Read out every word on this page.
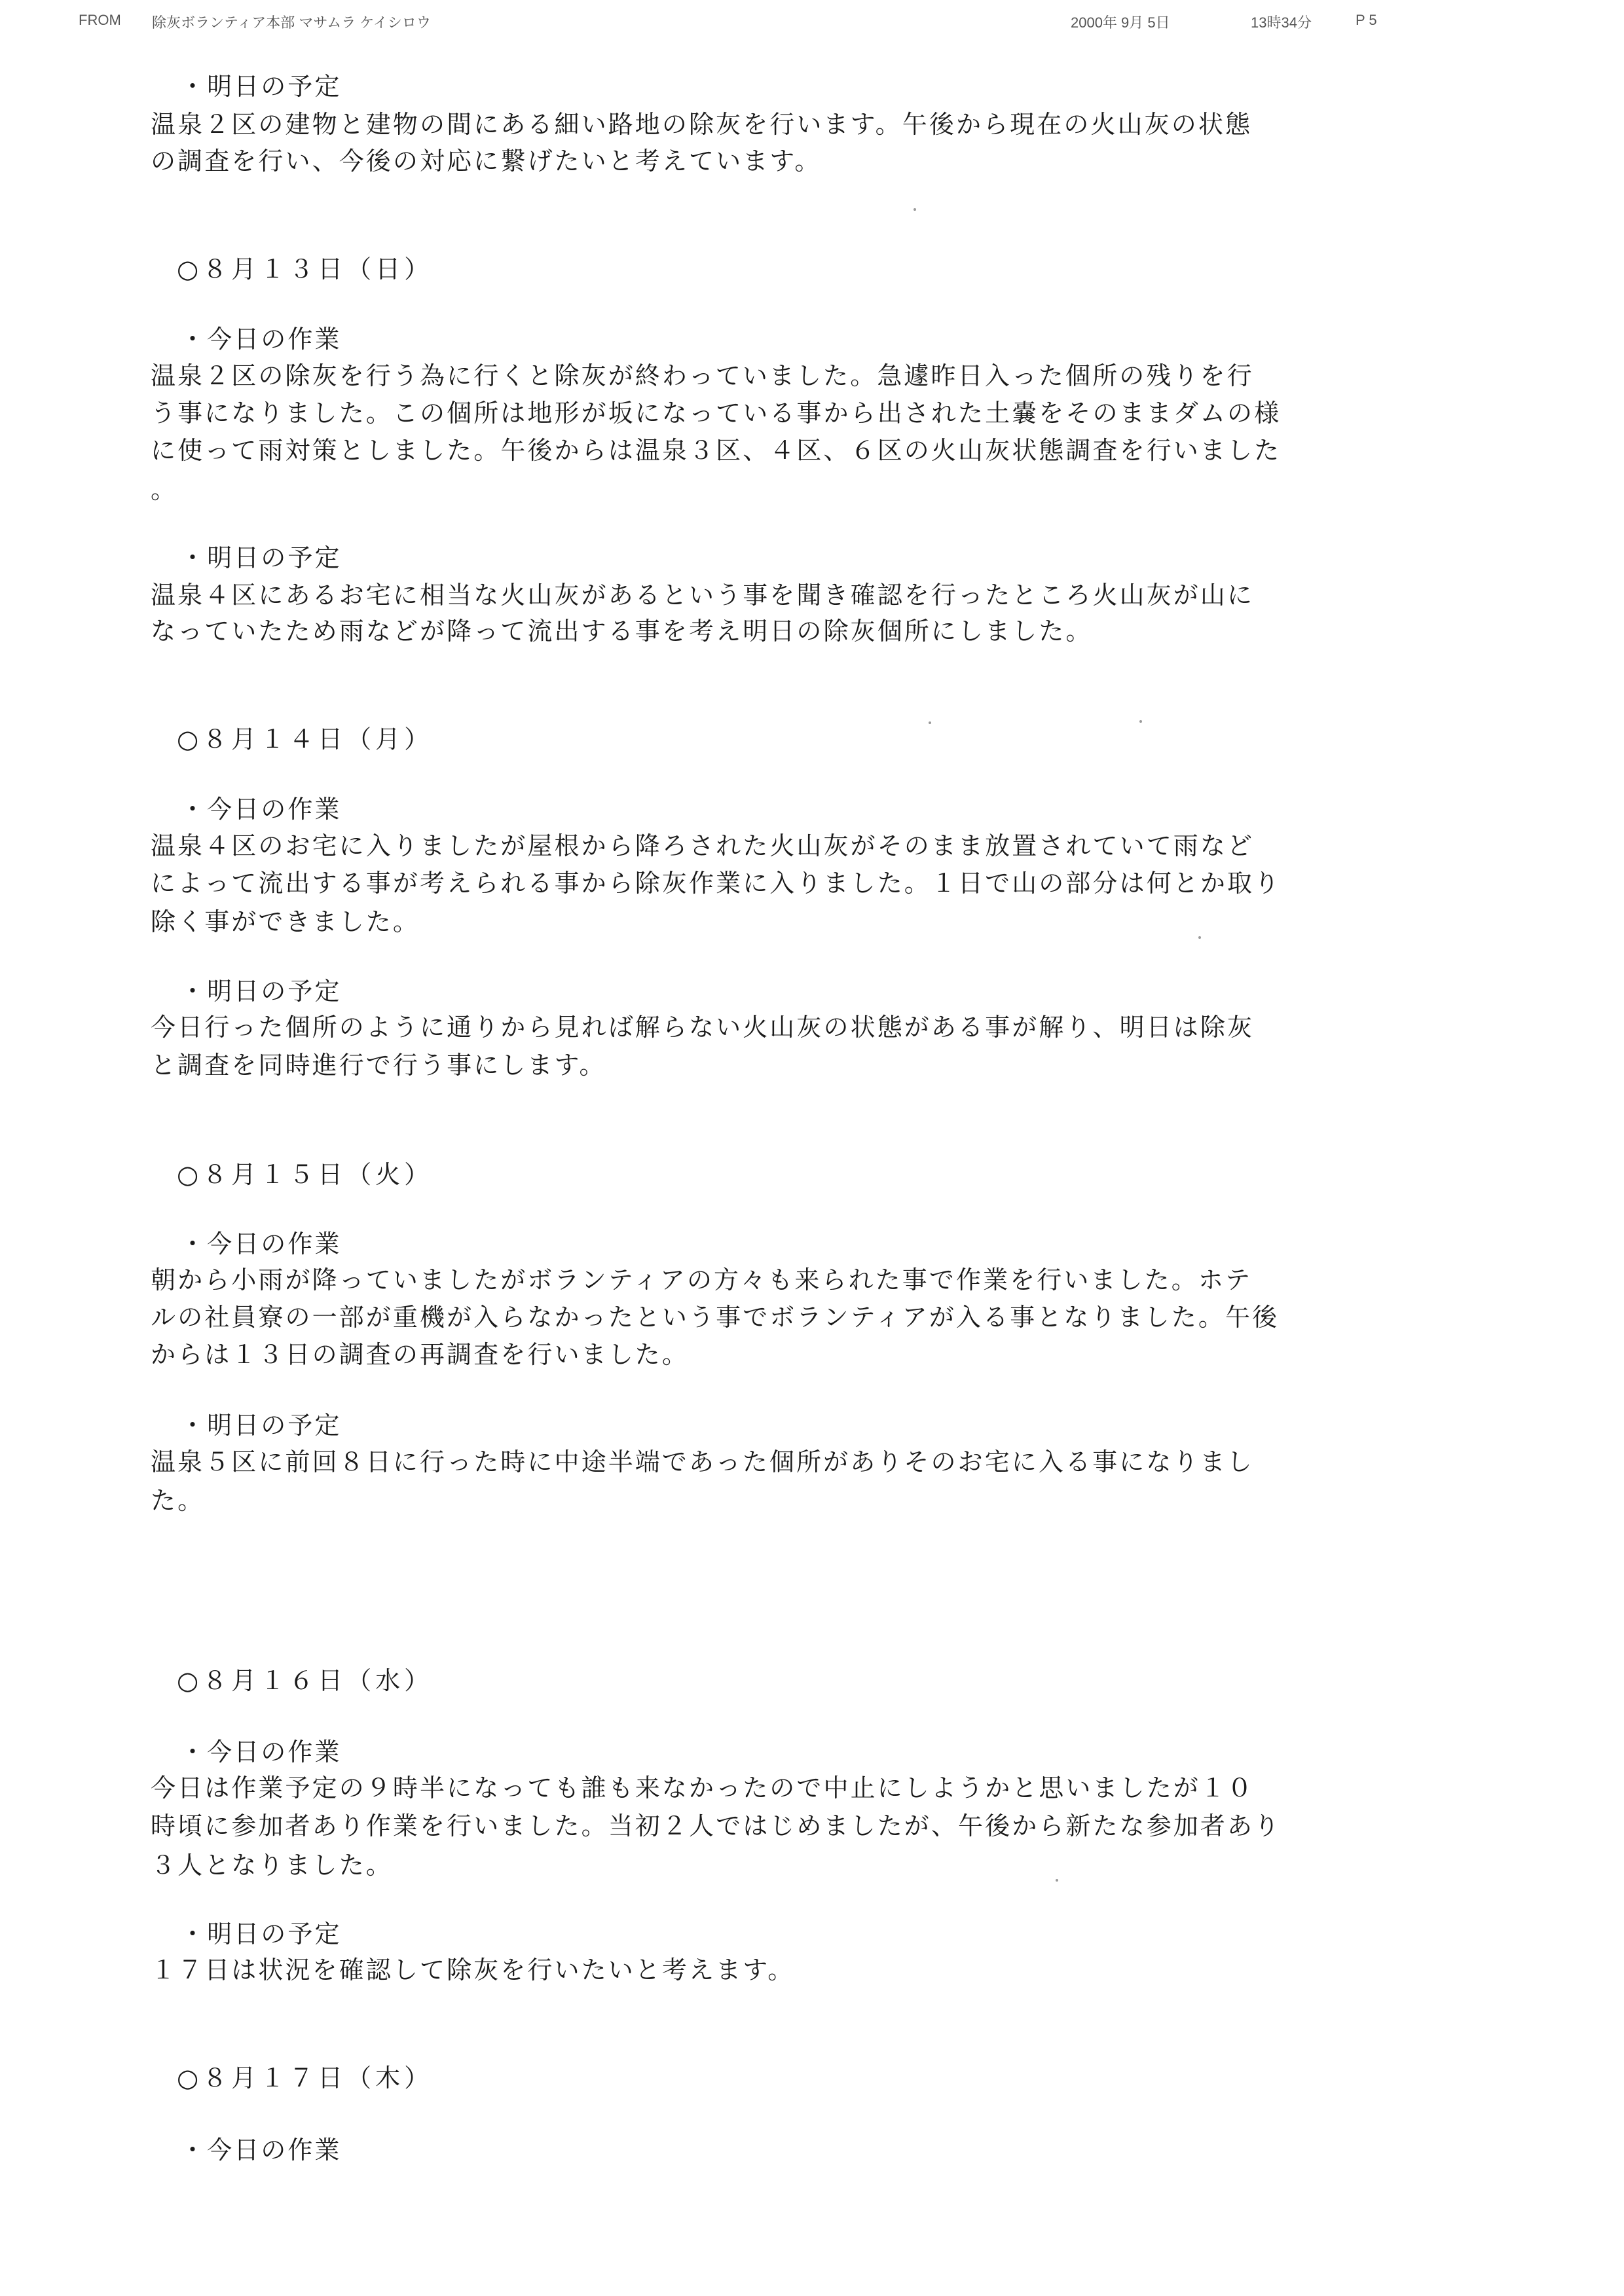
FROM 除灰ボランティア本部 マサムラ ケイシロウ	2000年 9月 5日	13時34分	P 5
・明日の予定
温泉２区の建物と建物の間にある細い路地の除灰を行います。午後から現在の火山灰の状態
の調査を行い、今後の対応に繋げたいと考えています。
○８月１３日（日）
・今日の作業
温泉２区の除灰を行う為に行くと除灰が終わっていました。急遽昨日入った個所の残りを行
う事になりました。この個所は地形が坂になっている事から出された土嚢をそのままダムの様
に使って雨対策としました。午後からは温泉３区、４区、６区の火山灰状態調査を行いました
。
・明日の予定
温泉４区にあるお宅に相当な火山灰があるという事を聞き確認を行ったところ火山灰が山に
なっていたため雨などが降って流出する事を考え明日の除灰個所にしました。
○８月１４日（月）
・今日の作業
温泉４区のお宅に入りましたが屋根から降ろされた火山灰がそのまま放置されていて雨など
によって流出する事が考えられる事から除灰作業に入りました。１日で山の部分は何とか取り
除く事ができました。
・明日の予定
今日行った個所のように通りから見れば解らない火山灰の状態がある事が解り、明日は除灰
と調査を同時進行で行う事にします。
○８月１５日（火）
・今日の作業
朝から小雨が降っていましたがボランティアの方々も来られた事で作業を行いました。ホテ
ルの社員寮の一部が重機が入らなかったという事でボランティアが入る事となりました。午後
からは１３日の調査の再調査を行いました。
・明日の予定
温泉５区に前回８日に行った時に中途半端であった個所がありそのお宅に入る事になりまし
た。
○８月１６日（水）
・今日の作業
今日は作業予定の９時半になっても誰も来なかったので中止にしようかと思いましたが１０
時頃に参加者あり作業を行いました。当初２人ではじめましたが、午後から新たな参加者あり
３人となりました。
・明日の予定
１７日は状況を確認して除灰を行いたいと考えます。
○８月１７日（木）
・今日の作業
